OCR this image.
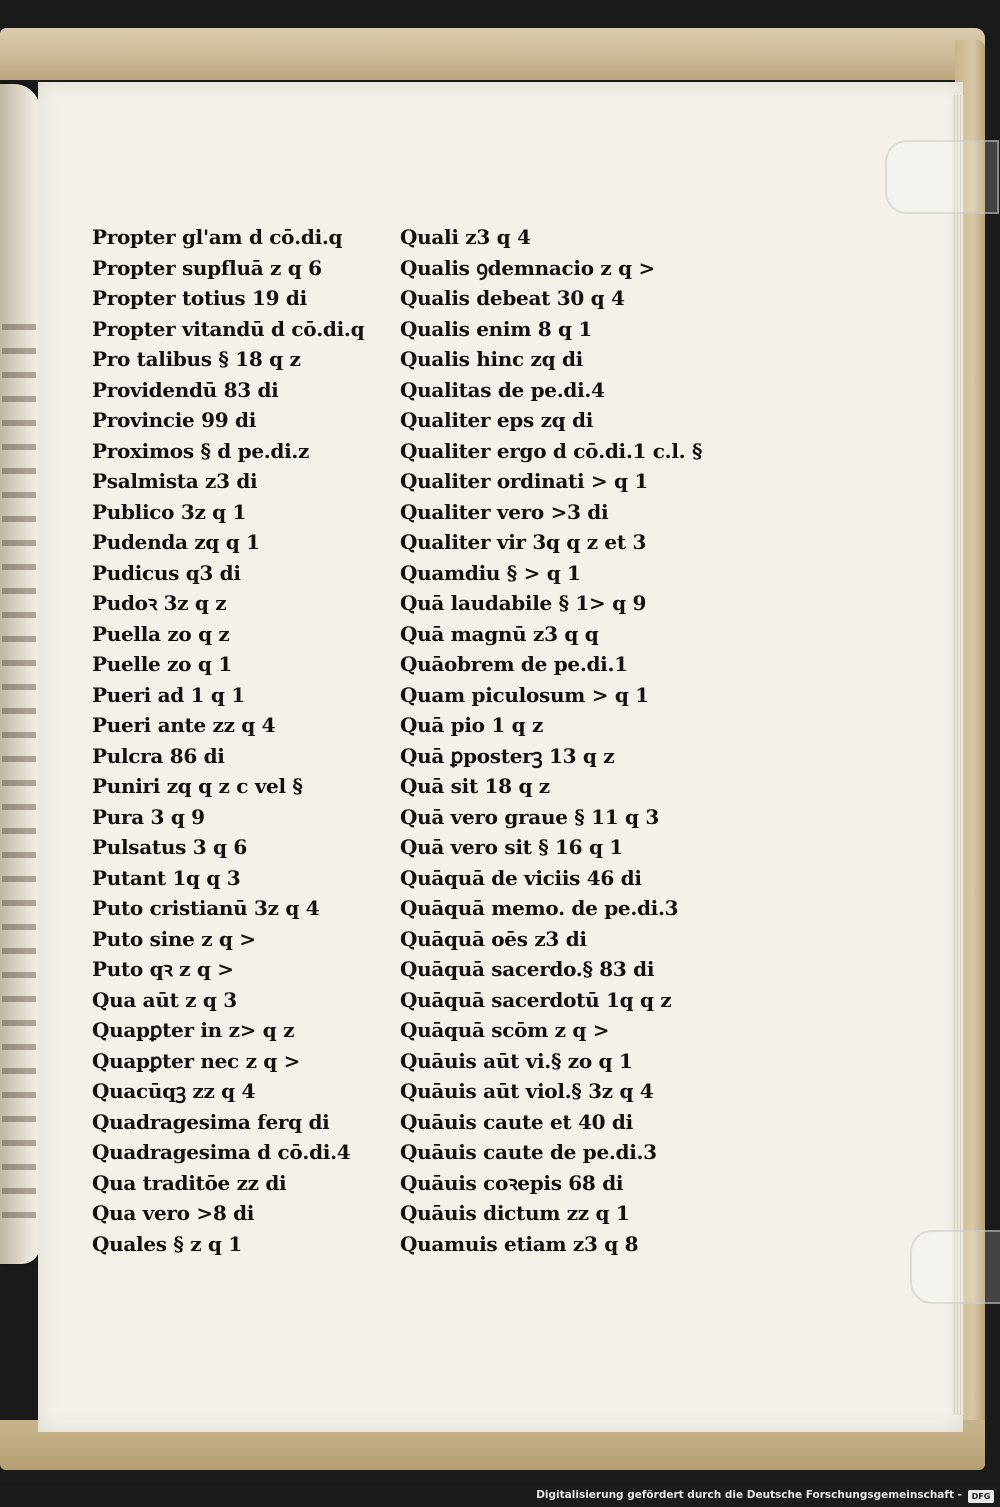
Propter gl'am d cō.di.q
Propter supfluā z q 6
Propter totius 19 di
Propter vitandū d cō.di.q
Pro talibus § 18 q z
Providendū 83 di
Provincie 99 di
Proximos § d pe.di.z
Psalmista z3 di
Publico 3z q 1
Pudenda zq q 1
Pudicus q3 di
Pudoꝛ 3z q z
Puella zo q z
Puelle zo q 1
Pueri ad 1 q 1
Pueri ante zz q 4
Pulcra 86 di
Puniri zq q z c vel §
Pura 3 q 9
Pulsatus 3 q 6
Putant 1q q 3
Puto cristianū 3z q 4
Puto sine z q >
Puto qꝛ z q >
Qua aūt z q 3
Quapꝑter in z> q z
Quapꝑter nec z q >
Quacūqꝫ zz q 4
Quadragesima ferq di
Quadragesima d cō.di.4
Qua traditōe zz di
Qua vero >8 di
Quales § z q 1
Quali z3 q 4
Qualis ꝯdemnacio z q >
Qualis debeat 30 q 4
Qualis enim 8 q 1
Qualis hinc zq di
Qualitas de pe.di.4
Qualiter eps zq di
Qualiter ergo d cō.di.1 c.l. §
Qualiter ordinati > q 1
Qualiter vero >3 di
Qualiter vir 3q q z et 3
Quamdiu § > q 1
Quā laudabile § 1> q 9
Quā magnū z3 q q
Quāobrem de pe.di.1
Quam piculosum > q 1
Quā pio 1 q z
Quā ꝑposterꝫ 13 q z
Quā sit 18 q z
Quā vero graue § 11 q 3
Quā vero sit § 16 q 1
Quāquā de viciis 46 di
Quāquā memo. de pe.di.3
Quāquā oēs z3 di
Quāquā sacerdo.§ 83 di
Quāquā sacerdotū 1q q z
Quāquā scōm z q >
Quāuis aūt vi.§ zo q 1
Quāuis aūt viol.§ 3z q 4
Quāuis caute et 40 di
Quāuis caute de pe.di.3
Quāuis coꝛepis 68 di
Quāuis dictum zz q 1
Quamuis etiam z3 q 8
Digitalisierung gefördert durch die Deutsche Forschungsgemeinschaft -	DFG
